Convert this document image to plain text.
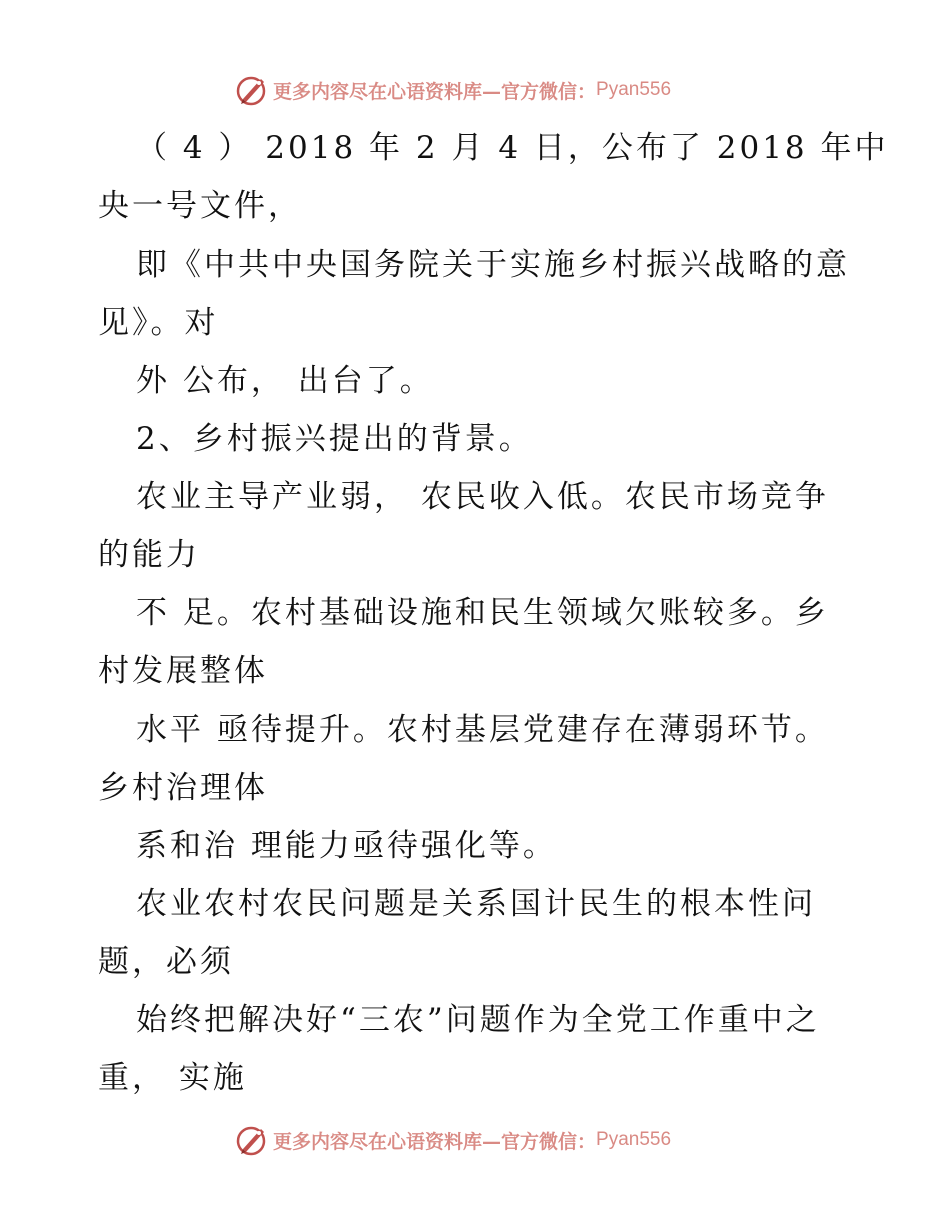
更多内容尽在心语资料库—官方微信： Pyan556
（ 4 ） 2018 年 2 月 4 日，公布了 2018 年中
央一号文件，
即《中共中央国务院关于实施乡村振兴战略的意
见》。对
外 公布， 出台了。
2、乡村振兴提出的背景。
农业主导产业弱， 农民收入低。农民市场竞争
的能力
不 足。农村基础设施和民生领域欠账较多。乡
村发展整体
水平 亟待提升。农村基层党建存在薄弱环节。
乡村治理体
系和治 理能力亟待强化等。
农业农村农民问题是关系国计民生的根本性问
题，必须
始终把解决好“三农”问题作为全党工作重中之
重， 实施
更多内容尽在心语资料库—官方微信： Pyan556
